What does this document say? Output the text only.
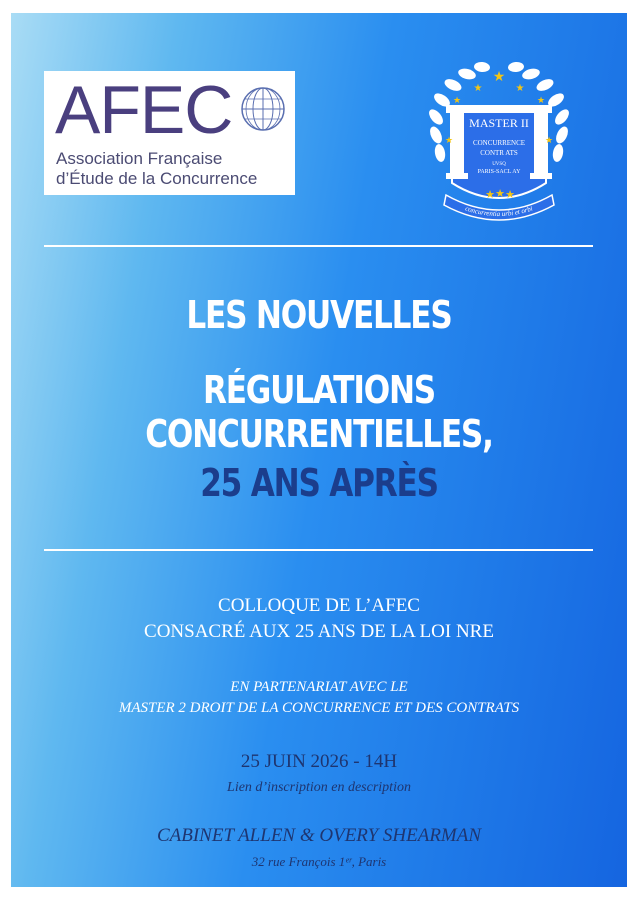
AFEC
Association Française
d’Étude de la Concurrence
★
★	★
★	★
★	★
★ ★ ★
MASTER II
CONCURRENCE
CONTR ATS
UVSQ
PARIS-SACL AY
concurrentia urbi et orbi
LES NOUVELLES
RÉGULATIONS CONCURRENTIELLES,
25 ANS APRÈS
COLLOQUE DE L’AFEC
CONSACRÉ AUX 25 ANS DE LA LOI NRE
EN PARTENARIAT AVEC LE
MASTER 2 DROIT DE LA CONCURRENCE ET DES CONTRATS
25 JUIN 2026 - 14H
Lien d’inscription en description
CABINET ALLEN & OVERY SHEARMAN
32 rue François 1ᵉʳ, Paris
